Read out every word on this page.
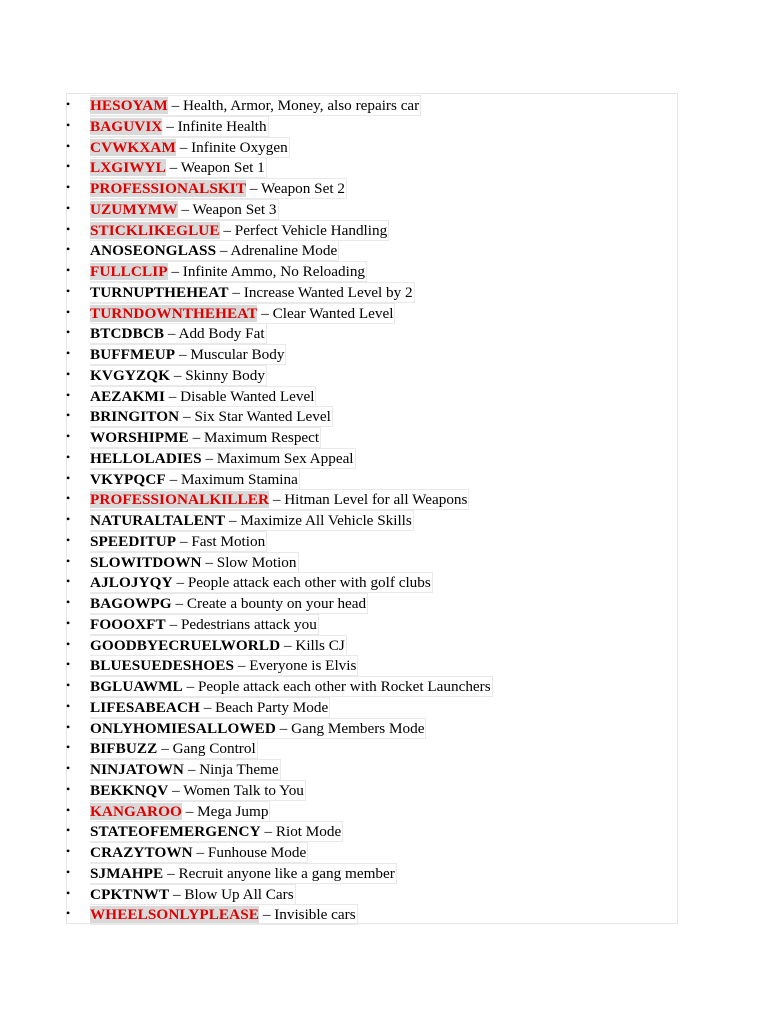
• HESOYAM – Health, Armor, Money, also repairs car
• BAGUVIX – Infinite Health
• CVWKXAM – Infinite Oxygen
• LXGIWYL – Weapon Set 1
• PROFESSIONALSKIT – Weapon Set 2
• UZUMYMW – Weapon Set 3
• STICKLIKEGLUE – Perfect Vehicle Handling
• ANOSEONGLASS – Adrenaline Mode
• FULLCLIP – Infinite Ammo, No Reloading
• TURNUPTHEHEAT – Increase Wanted Level by 2
• TURNDOWNTHEHEAT – Clear Wanted Level
• BTCDBCB – Add Body Fat
• BUFFMEUP – Muscular Body
• KVGYZQK – Skinny Body
• AEZAKMI – Disable Wanted Level
• BRINGITON – Six Star Wanted Level
• WORSHIPME – Maximum Respect
• HELLOLADIES – Maximum Sex Appeal
• VKYPQCF – Maximum Stamina
• PROFESSIONALKILLER – Hitman Level for all Weapons
• NATURALTALENT – Maximize All Vehicle Skills
• SPEEDITUP – Fast Motion
• SLOWITDOWN – Slow Motion
• AJLOJYQY – People attack each other with golf clubs
• BAGOWPG – Create a bounty on your head
• FOOOXFT – Pedestrians attack you
• GOODBYECRUELWORLD – Kills CJ
• BLUESUEDESHOES – Everyone is Elvis
• BGLUAWML – People attack each other with Rocket Launchers
• LIFESABEACH – Beach Party Mode
• ONLYHOMIESALLOWED – Gang Members Mode
• BIFBUZZ – Gang Control
• NINJATOWN – Ninja Theme
• BEKKNQV – Women Talk to You
• KANGAROO – Mega Jump
• STATEOFEMERGENCY – Riot Mode
• CRAZYTOWN – Funhouse Mode
• SJMAHPE – Recruit anyone like a gang member
• CPKTNWT – Blow Up All Cars
• WHEELSONLYPLEASE – Invisible cars
